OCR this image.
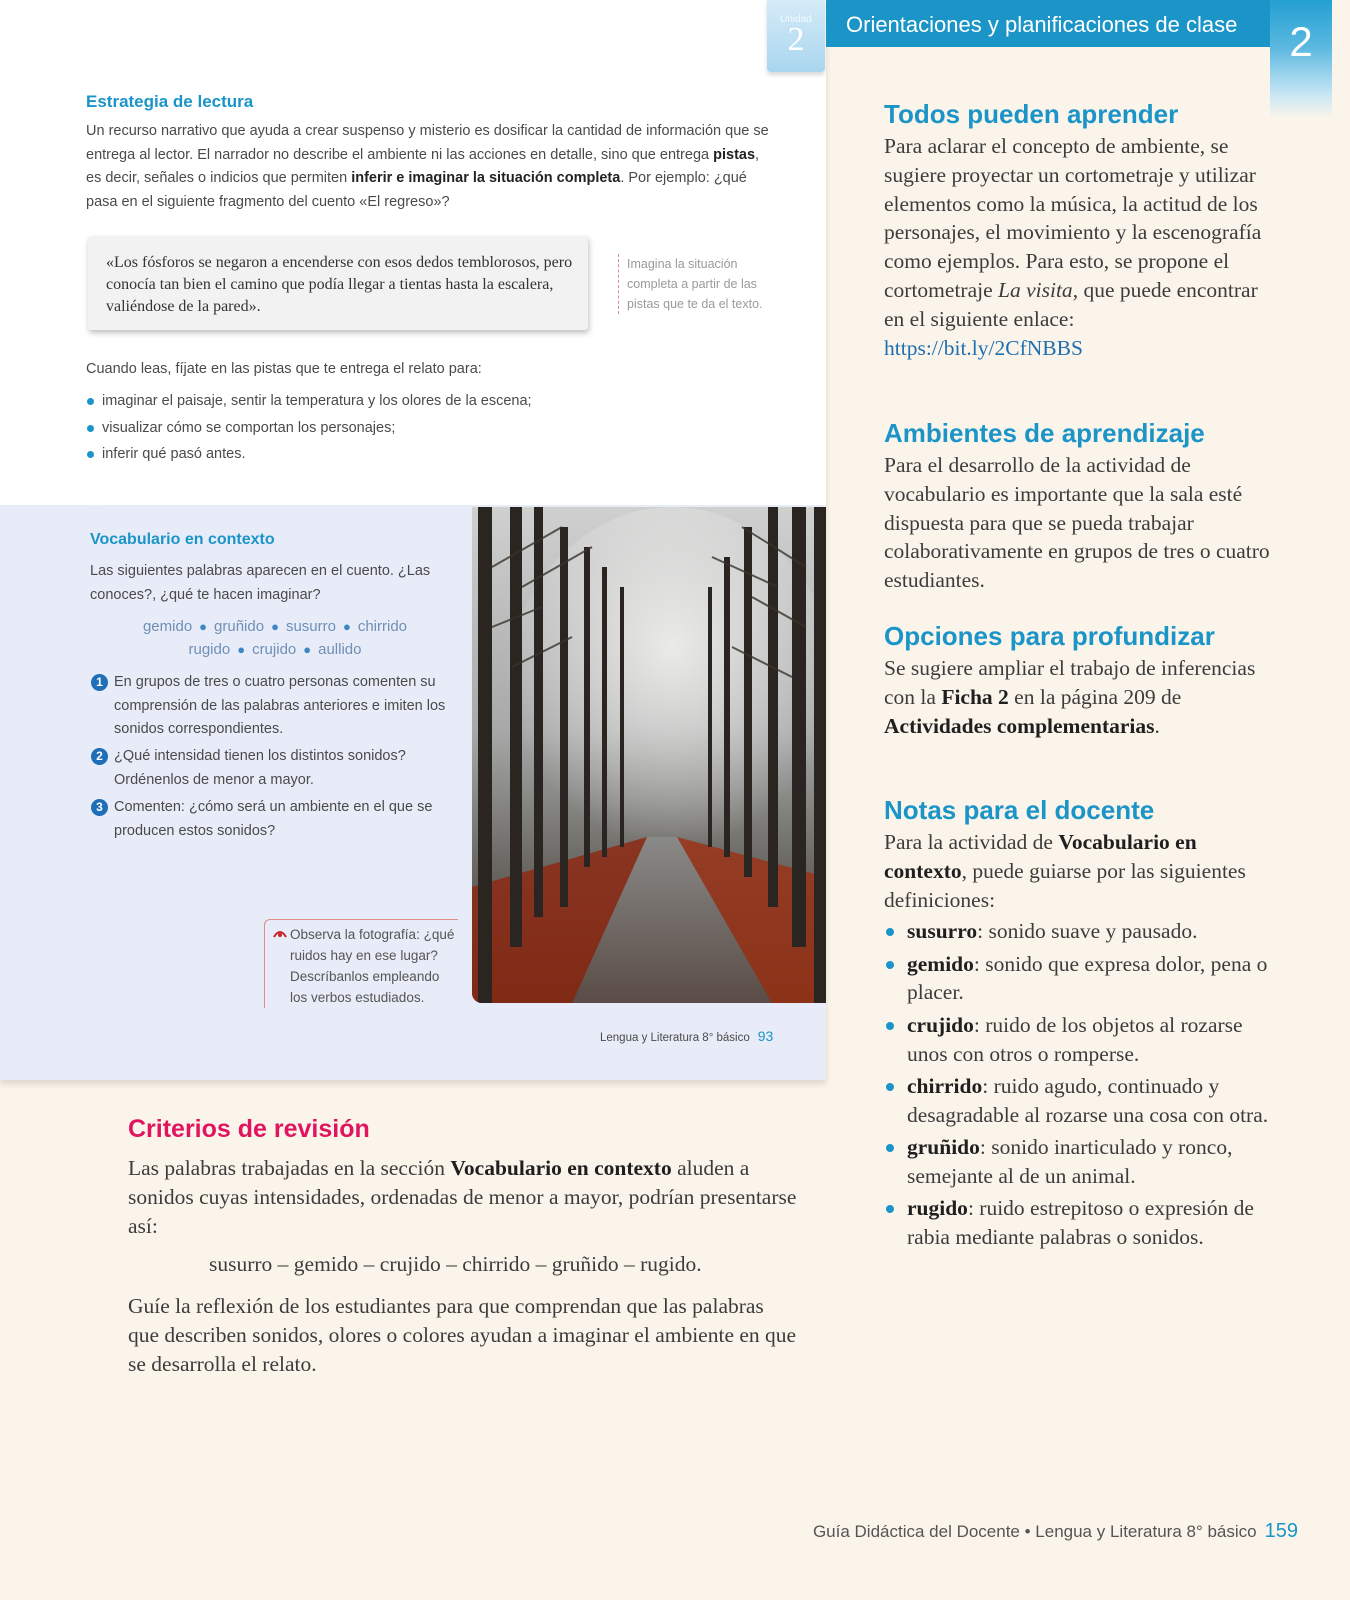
Unidad
2
Estrategia de lectura
Un recurso narrativo que ayuda a crear suspenso y misterio es dosificar la cantidad de información que se entrega al lector. El narrador no describe el ambiente ni las acciones en detalle, sino que entrega pistas, es decir, señales o indicios que permiten inferir e imaginar la situación completa. Por ejemplo: ¿qué pasa en el siguiente fragmento del cuento «El regreso»?
«Los fósforos se negaron a encenderse con esos dedos temblorosos, pero conocía tan bien el camino que podía llegar a tientas hasta la escalera, valiéndose de la pared».
Imagina la situación completa a partir de las pistas que te da el texto.
Cuando leas, fíjate en las pistas que te entrega el relato para:
imaginar el paisaje, sentir la temperatura y los olores de la escena;
visualizar cómo se comportan los personajes;
inferir qué pasó antes.
Vocabulario en contexto
Las siguientes palabras aparecen en el cuento. ¿Las conoces?, ¿qué te hacen imaginar?
gemido ● gruñido ● susurro ● chirrido
rugido ● crujido ● aullido
1 En grupos de tres o cuatro personas comenten su comprensión de las palabras anteriores e imiten los sonidos correspondientes.
2 ¿Qué intensidad tienen los distintos sonidos? Ordénenlos de menor a mayor.
3 Comenten: ¿cómo será un ambiente en el que se producen estos sonidos?
Observa la fotografía: ¿qué ruidos hay en ese lugar? Descríbanlos empleando los verbos estudiados.
Lengua y Literatura 8° básico 93
Orientaciones y planificaciones de clase	2
Todos pueden aprender
Para aclarar el concepto de ambiente, se sugiere proyectar un cortometraje y utilizar elementos como la música, la actitud de los personajes, el movimiento y la escenografía como ejemplos. Para esto, se propone el cortometraje La visita, que puede encontrar en el siguiente enlace: https://bit.ly/2CfNBBS
Ambientes de aprendizaje
Para el desarrollo de la actividad de vocabulario es importante que la sala esté dispuesta para que se pueda trabajar colaborativamente en grupos de tres o cuatro estudiantes.
Opciones para profundizar
Se sugiere ampliar el trabajo de inferencias con la Ficha 2 en la página 209 de Actividades complementarias.
Notas para el docente
Para la actividad de Vocabulario en contexto, puede guiarse por las siguientes definiciones:
susurro: sonido suave y pausado.
gemido: sonido que expresa dolor, pena o placer.
crujido: ruido de los objetos al rozarse unos con otros o romperse.
chirrido: ruido agudo, continuado y desagradable al rozarse una cosa con otra.
gruñido: sonido inarticulado y ronco, semejante al de un animal.
rugido: ruido estrepitoso o expresión de rabia mediante palabras o sonidos.
Criterios de revisión
Las palabras trabajadas en la sección Vocabulario en contexto aluden a sonidos cuyas intensidades, ordenadas de menor a mayor, podrían presentarse así:
susurro – gemido – crujido – chirrido – gruñido – rugido.
Guíe la reflexión de los estudiantes para que comprendan que las palabras que describen sonidos, olores o colores ayudan a imaginar el ambiente en que se desarrolla el relato.
Guía Didáctica del Docente • Lengua y Literatura 8° básico 159
